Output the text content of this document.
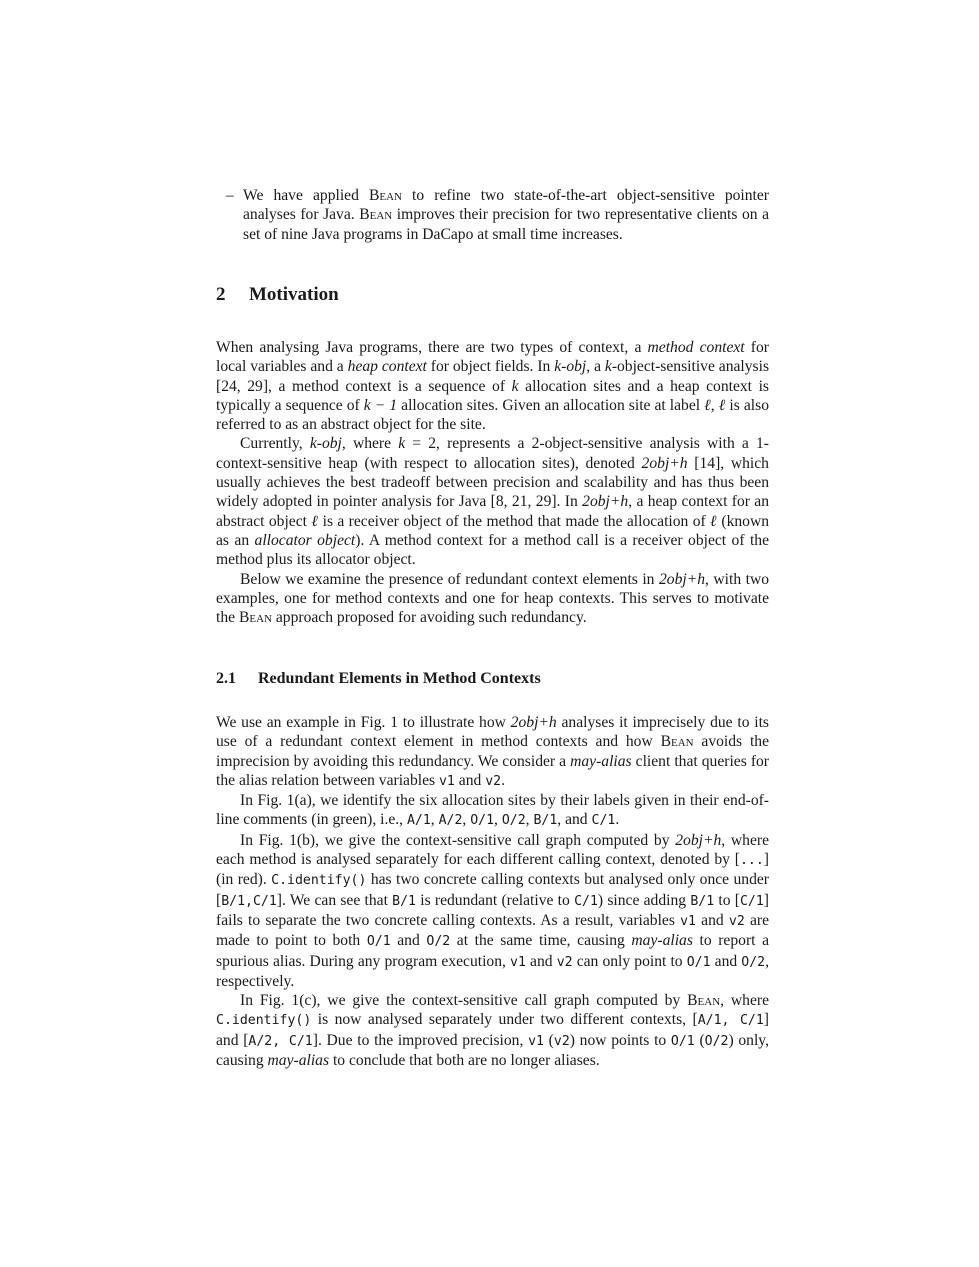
– We have applied Bean to refine two state-of-the-art object-sensitive pointer analyses for Java. Bean improves their precision for two representative clients on a set of nine Java programs in DaCapo at small time increases.

2 Motivation

When analysing Java programs, there are two types of context, a method context for local variables and a heap context for object fields. In k-obj, a k-object-sensitive analysis [24, 29], a method context is a sequence of k allocation sites and a heap context is typically a sequence of k − 1 allocation sites. Given an allocation site at label ℓ, ℓ is also referred to as an abstract object for the site.

Currently, k-obj, where k = 2, represents a 2-object-sensitive analysis with a 1-context-sensitive heap (with respect to allocation sites), denoted 2obj+h [14], which usually achieves the best tradeoff between precision and scalability and has thus been widely adopted in pointer analysis for Java [8, 21, 29]. In 2obj+h, a heap context for an abstract object ℓ is a receiver object of the method that made the allocation of ℓ (known as an allocator object). A method context for a method call is a receiver object of the method plus its allocator object.

Below we examine the presence of redundant context elements in 2obj+h, with two examples, one for method contexts and one for heap contexts. This serves to motivate the Bean approach proposed for avoiding such redundancy.

2.1 Redundant Elements in Method Contexts

We use an example in Fig. 1 to illustrate how 2obj+h analyses it imprecisely due to its use of a redundant context element in method contexts and how Bean avoids the imprecision by avoiding this redundancy. We consider a may-alias client that queries for the alias relation between variables v1 and v2.

In Fig. 1(a), we identify the six allocation sites by their labels given in their end-of-line comments (in green), i.e., A/1, A/2, O/1, O/2, B/1, and C/1.

In Fig. 1(b), we give the context-sensitive call graph computed by 2obj+h, where each method is analysed separately for each different calling context, denoted by [...] (in red). C.identify() has two concrete calling contexts but analysed only once under [B/1,C/1]. We can see that B/1 is redundant (relative to C/1) since adding B/1 to [C/1] fails to separate the two concrete calling contexts. As a result, variables v1 and v2 are made to point to both O/1 and O/2 at the same time, causing may-alias to report a spurious alias. During any program execution, v1 and v2 can only point to O/1 and O/2, respectively.

In Fig. 1(c), we give the context-sensitive call graph computed by Bean, where C.identify() is now analysed separately under two different contexts, [A/1, C/1] and [A/2, C/1]. Due to the improved precision, v1 (v2) now points to O/1 (O/2) only, causing may-alias to conclude that both are no longer aliases.
